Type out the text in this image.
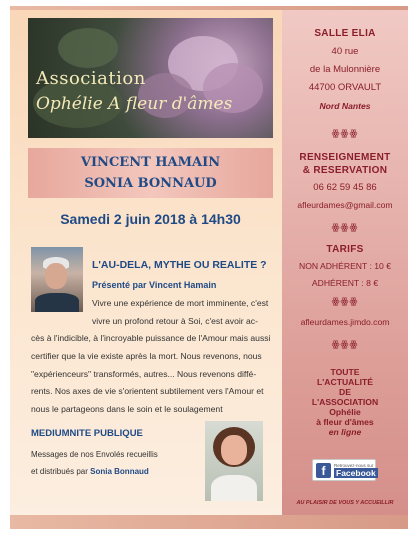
Association
Ophélie A fleur d'âmes
VINCENT HAMAIN
SONIA BONNAUD
Samedi 2 juin 2018 à 14h30
L'AU-DELA, MYTHE OU REALITE ?
Présenté par Vincent Hamain
Vivre une expérience de mort imminente, c'est
vivre un profond retour à Soi, c'est avoir ac-
cès à l'indicible, à l'incroyable puissance de l'Amour mais aussi
certifier que la vie existe après la mort. Nous revenons, nous
"expérienceurs" transformés, autres... Nous revenons diffé-
rents. Nos axes de vie s'orientent subtilement vers l'Amour et
nous le partageons dans le soin et le soulagement
MEDIUMNITE PUBLIQUE
Messages de nos Envolés recueillis
et distribués par Sonia Bonnaud
SALLE ELIA
40 rue
de la Mulonnière
44700 ORVAULT
Nord Nantes
ꙮꙮꙮ
RENSEIGNEMENT
& RESERVATION
06 62 59 45 86
afleurdames@gmail.com
ꙮꙮꙮ
TARIFS
NON ADHÉRENT : 10 €
ADHÉRENT : 8 €
ꙮꙮꙮ
afleurdames.jimdo.com
ꙮꙮꙮ
TOUTE
L'ACTUALITÉ
DE
L'ASSOCIATION
Ophélie
à fleur d'âmes
en ligne
f	Retrouvez-nous sur
Facebook
AU PLAISIR DE VOUS Y ACCUEILLIR
